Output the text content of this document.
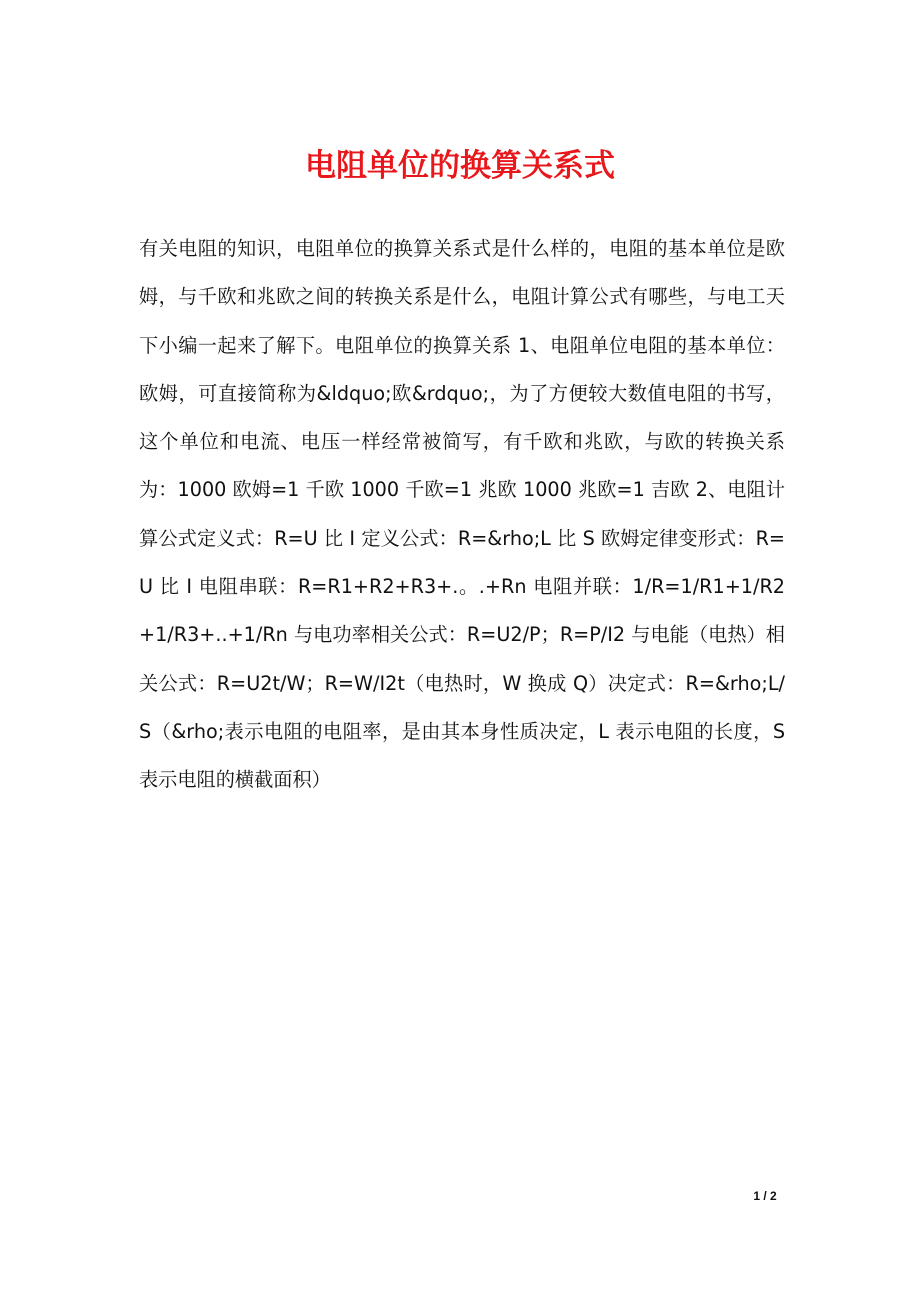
电阻单位的换算关系式

有关电阻的知识，电阻单位的换算关系式是什么样的，电阻的基本单位是欧姆，与千欧和兆欧之间的转换关系是什么，电阻计算公式有哪些，与电工天下小编一起来了解下。电阻单位的换算关系 1、电阻单位电阻的基本单位：欧姆，可直接简称为&ldquo;欧&rdquo;，为了方便较大数值电阻的书写，这个单位和电流、电压一样经常被简写，有千欧和兆欧，与欧的转换关系为：1000 欧姆=1 千欧 1000 千欧=1 兆欧 1000 兆欧=1 吉欧 2、电阻计算公式定义式：R=U 比 I 定义公式：R=&rho;L 比 S 欧姆定律变形式：R=U 比 I 电阻串联：R=R1+R2+R3+.。.+Rn 电阻并联：1/R=1/R1+1/R2+1/R3+..+1/Rn 与电功率相关公式：R=U2/P；R=P/I2 与电能（电热）相关公式：R=U2t/W；R=W/I2t（电热时，W 换成 Q）决定式：R=&rho;L/S（&rho;表示电阻的电阻率，是由其本身性质决定，L 表示电阻的长度，S 表示电阻的横截面积）

1 / 2
